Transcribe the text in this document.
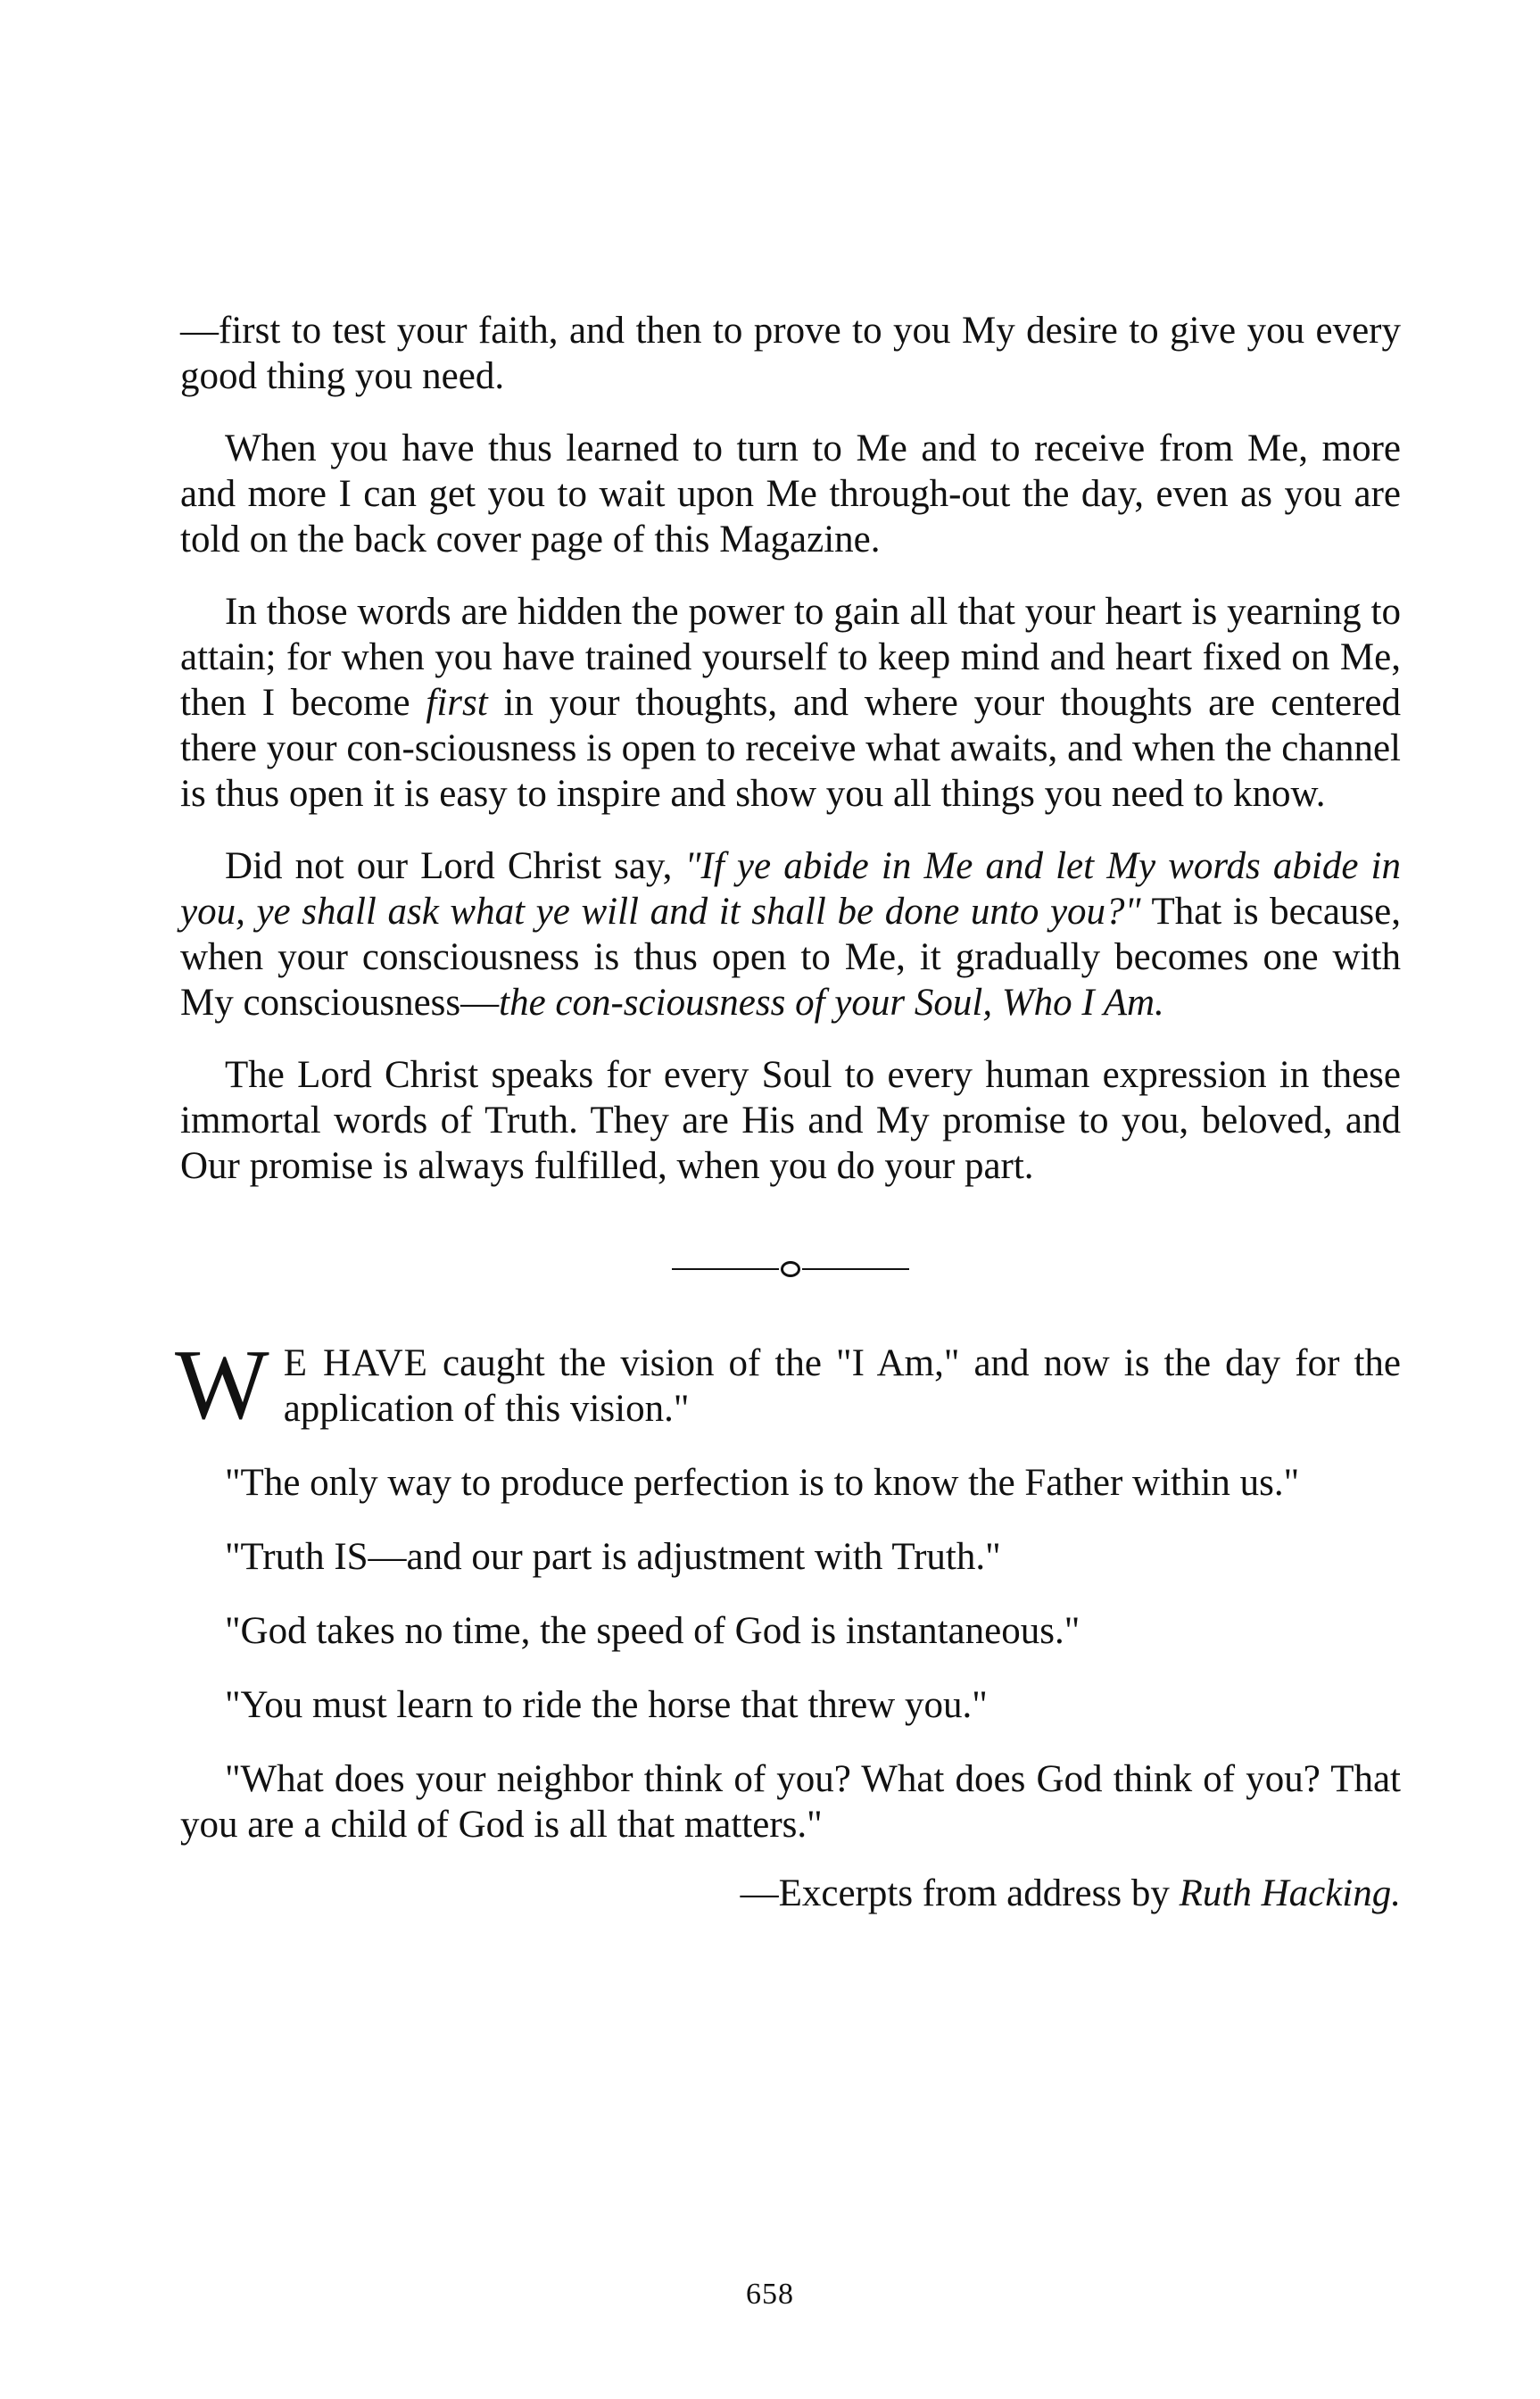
—first to test your faith, and then to prove to you My desire to give you every good thing you need.

When you have thus learned to turn to Me and to receive from Me, more and more I can get you to wait upon Me through-out the day, even as you are told on the back cover page of this Magazine.

In those words are hidden the power to gain all that your heart is yearning to attain; for when you have trained yourself to keep mind and heart fixed on Me, then I become first in your thoughts, and where your thoughts are centered there your con-sciousness is open to receive what awaits, and when the channel is thus open it is easy to inspire and show you all things you need to know.

Did not our Lord Christ say, "If ye abide in Me and let My words abide in you, ye shall ask what ye will and it shall be done unto you?" That is because, when your consciousness is thus open to Me, it gradually becomes one with My consciousness—the con-sciousness of your Soul, Who I Am.

The Lord Christ speaks for every Soul to every human expression in these immortal words of Truth. They are His and My promise to you, beloved, and Our promise is always fulfilled, when you do your part.

W E HAVE caught the vision of the "I Am," and now is the day for the application of this vision."

"The only way to produce perfection is to know the Father within us."

"Truth IS—and our part is adjustment with Truth."

"God takes no time, the speed of God is instantaneous."

"You must learn to ride the horse that threw you."

"What does your neighbor think of you? What does God think of you? That you are a child of God is all that matters."

—Excerpts from address by Ruth Hacking.
658
